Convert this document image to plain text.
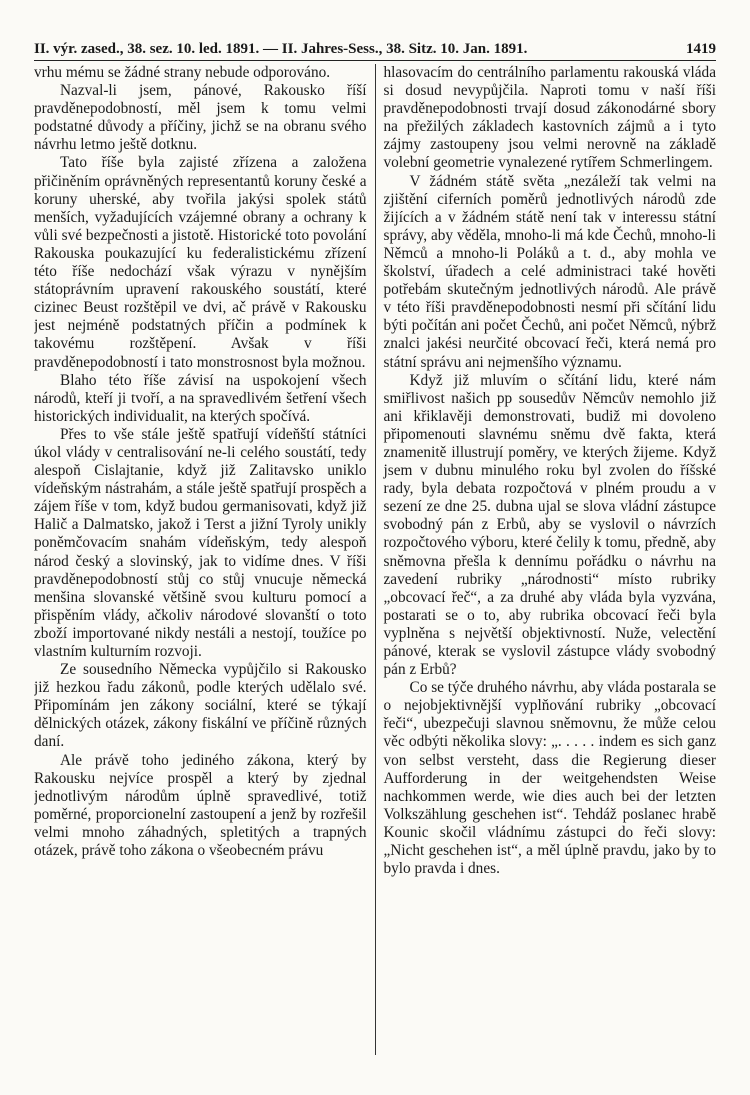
II. výr. zased., 38. sez. 10. led. 1891. — II. Jahres-Sess., 38. Sitz. 10. Jan. 1891.	1419

vrhu mému se žádné strany nebude odporováno.

Nazval-li jsem, pánové, Rakousko říší pravděnepodobností, měl jsem k tomu velmi podstatné důvody a příčiny, jichž se na obranu svého návrhu letmo ještě dotknu.

Tato říše byla zajisté zřízena a založena přičiněním oprávněných representantů koruny české a koruny uherské, aby tvořila jakýsi spolek států menších, vyžadujících vzájemné obrany a ochrany k vůli své bezpečnosti a jistotě. Historické toto povolání Rakouska poukazující ku federalistickému zřízení této říše nedochází však výrazu v nynějším státoprávním upravení rakouského soustátí, které cizinec Beust rozštěpil ve dvi, ač právě v Rakousku jest nejméně podstatných příčin a podmínek k takovému rozštěpení. Avšak v říši pravděnepodobností i tato monstrosnost byla možnou.

Blaho této říše závisí na uspokojení všech národů, kteří ji tvoří, a na spravedlivém šetření všech historických individualit, na kterých spočívá.

Přes to vše stále ještě spatřují vídeňští státníci úkol vlády v centralisování ne-li celého soustátí, tedy alespoň Cislajtanie, když již Zalitavsko uniklo vídeňským nástrahám, a stále ještě spatřují prospěch a zájem říše v tom, když budou germanisovati, když již Halič a Dalmatsko, jakož i Terst a jižní Tyroly unikly poněmčovacím snahám vídeňským, tedy alespoň národ český a slovinský, jak to vidíme dnes. V říši pravděnepodobností stůj co stůj vnucuje německá menšina slovanské většině svou kulturu pomocí a přispěním vlády, ačkoliv národové slovanští o toto zboží importované nikdy nestáli a nestojí, toužíce po vlastním kulturním rozvoji.

Ze sousedního Německa vypůjčilo si Rakousko již hezkou řadu zákonů, podle kterých udělalo své. Připomínám jen zákony sociální, které se týkají dělnických otázek, zákony fiskální ve příčině různých daní.

Ale právě toho jediného zákona, který by Rakousku nejvíce prospěl a který by zjednal jednotlivým národům úplně spravedlivé, totiž poměrné, proporcionelní zastoupení a jenž by rozřešil velmi mnoho záhadných, spletitých a trapných otázek, právě toho zákona o všeobecném právu

hlasovacím do centrálního parlamentu rakouská vláda si dosud nevypůjčila. Naproti tomu v naší říši pravděnepodobnosti trvají dosud zákonodárné sbory na přežilých základech kastovních zájmů a i tyto zájmy zastoupeny jsou velmi nerovně na základě volební geometrie vynalezené rytířem Schmerlingem.

V žádném státě světa „nezáleží tak velmi na zjištění ciferních poměrů jednotlivých národů zde žijících a v žádném státě není tak v interessu státní správy, aby věděla, mnoho-li má kde Čechů, mnoho-li Němců a mnoho-li Poláků a t. d., aby mohla ve školství, úřadech a celé administraci také hověti potřebám skutečným jednotlivých národů. Ale právě v této říši pravděnepodobnosti nesmí při sčítání lidu býti počítán ani počet Čechů, ani počet Němců, nýbrž znalci jakési neurčité obcovací řeči, která nemá pro státní správu ani nejmenšího významu.

Když již mluvím o sčítání lidu, které nám smiřlivost našich pp sousedův Němcův nemohlo již ani křiklavěji demonstrovati, budiž mi dovoleno připomenouti slavnému sněmu dvě fakta, která znamenitě illustrují poměry, ve kterých žijeme. Když jsem v dubnu minulého roku byl zvolen do říšské rady, byla debata rozpočtová v plném proudu a v sezení ze dne 25. dubna ujal se slova vládní zástupce svobodný pán z Erbů, aby se vyslovil o návrzích rozpočtového výboru, které čelily k tomu, předně, aby sněmovna přešla k dennímu pořádku o návrhu na zavedení rubriky „národnosti“ místo rubriky „obcovací řeč“, a za druhé aby vláda byla vyzvána, postarati se o to, aby rubrika obcovací řeči byla vyplněna s největší objektivností. Nuže, velectění pánové, kterak se vyslovil zástupce vlády svobodný pán z Erbů?

Co se týče druhého návrhu, aby vláda postarala se o nejobjektivnější vyplňování rubriky „obcovací řeči“, ubezpečuji slavnou sněmovnu, že může celou věc odbýti několika slovy: „. . . . . indem es sich ganz von selbst versteht, dass die Regierung dieser Aufforderung in der weitgehendsten Weise nachkommen werde, wie dies auch bei der letzten Volkszählung geschehen ist“. Tehdáž poslanec hrabě Kounic skočil vládnímu zástupci do řeči slovy: „Nicht geschehen ist“, a měl úplně pravdu, jako by to bylo pravda i dnes.
